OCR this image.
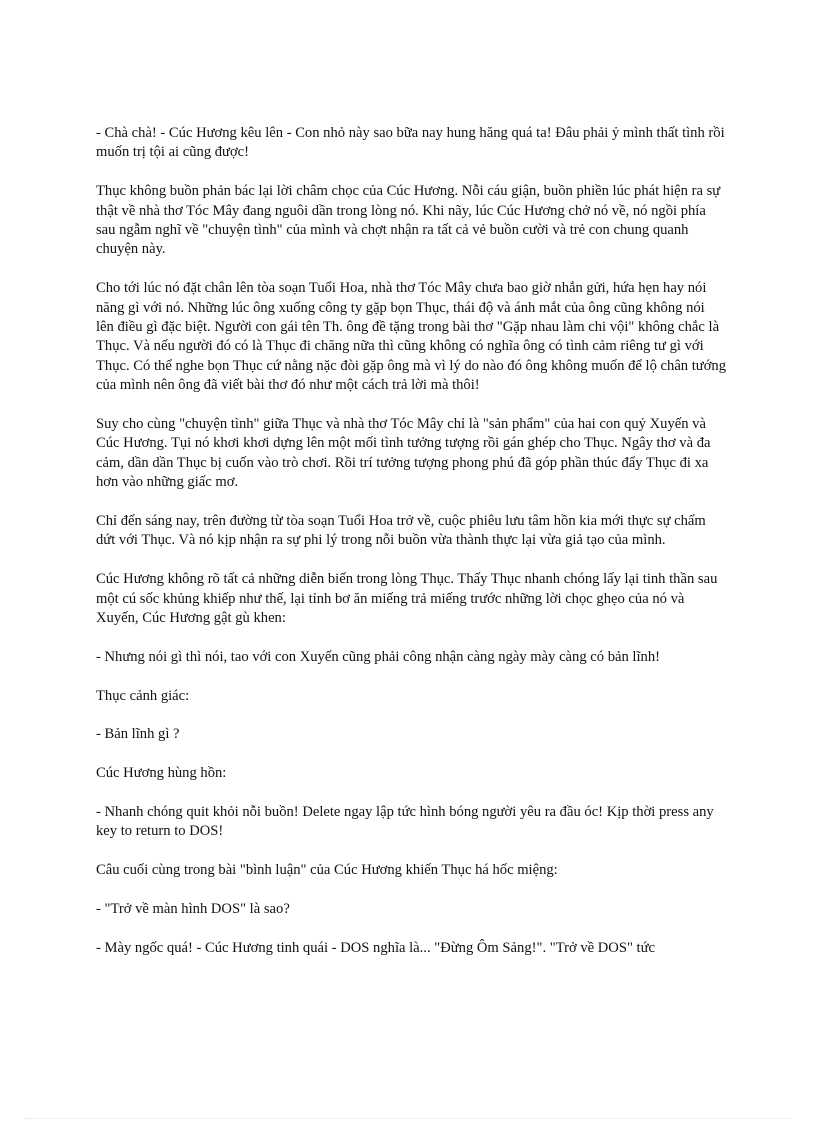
- Chà chà! - Cúc Hương kêu lên - Con nhỏ này sao bữa nay hung hăng quá ta! Đâu phải ỷ mình thất tình rồi muốn trị tội ai cũng được!

Thục không buồn phản bác lại lời châm chọc của Cúc Hương. Nỗi cáu giận, buồn phiền lúc phát hiện ra sự thật về nhà thơ Tóc Mây đang nguôi dần trong lòng nó. Khi nãy, lúc Cúc Hương chở nó về, nó ngồi phía sau ngẫm nghĩ về "chuyện tình" của mình và chợt nhận ra tất cả vẻ buồn cười và trẻ con chung quanh chuyện này.

Cho tới lúc nó đặt chân lên tòa soạn Tuổi Hoa, nhà thơ Tóc Mây chưa bao giờ nhắn gửi, hứa hẹn hay nói năng gì với nó. Những lúc ông xuống công ty gặp bọn Thục, thái độ và ánh mắt của ông cũng không nói lên điều gì đặc biệt. Người con gái tên Th. ông đề tặng trong bài thơ "Gặp nhau làm chi vội" không chắc là Thục. Và nếu người đó có là Thục đi chăng nữa thì cũng không có nghĩa ông có tình cảm riêng tư gì với Thục. Có thể nghe bọn Thục cứ nằng nặc đòi gặp ông mà vì lý do nào đó ông không muốn để lộ chân tướng của mình nên ông đã viết bài thơ đó như một cách trả lời mà thôi!

Suy cho cùng "chuyện tình" giữa Thục và nhà thơ Tóc Mây chỉ là "sản phẩm" của hai con quỷ Xuyến và Cúc Hương. Tụi nó khơi khơi dựng lên một mối tình tưởng tượng rồi gán ghép cho Thục. Ngây thơ và đa cảm, dần dần Thục bị cuốn vào trò chơi. Rồi trí tưởng tượng phong phú đã góp phần thúc đẩy Thục đi xa hơn vào những giấc mơ.

Chỉ đến sáng nay, trên đường từ tòa soạn Tuổi Hoa trở về, cuộc phiêu lưu tâm hồn kia mới thực sự chấm dứt với Thục. Và nó kịp nhận ra sự phi lý trong nỗi buồn vừa thành thực lại vừa giả tạo của mình.

Cúc Hương không rõ tất cả những diễn biến trong lòng Thục. Thấy Thục nhanh chóng lấy lại tinh thần sau một cú sốc khủng khiếp như thế, lại tỉnh bơ ăn miếng trả miếng trước những lời chọc ghẹo của nó và Xuyến, Cúc Hương gật gù khen:

- Nhưng nói gì thì nói, tao với con Xuyến cũng phải công nhận càng ngày mày càng có bản lĩnh!

Thục cảnh giác:

- Bản lĩnh gì ?

Cúc Hương hùng hồn:

- Nhanh chóng quit khỏi nỗi buồn! Delete ngay lập tức hình bóng người yêu ra đầu óc! Kịp thời press any key to return to DOS!

Câu cuối cùng trong bài "bình luận" của Cúc Hương khiến Thục há hốc miệng:

- "Trở về màn hình DOS" là sao?

- Mày ngốc quá! - Cúc Hương tinh quái - DOS nghĩa là... "Đừng Ôm Sảng!". "Trở về DOS" tức
